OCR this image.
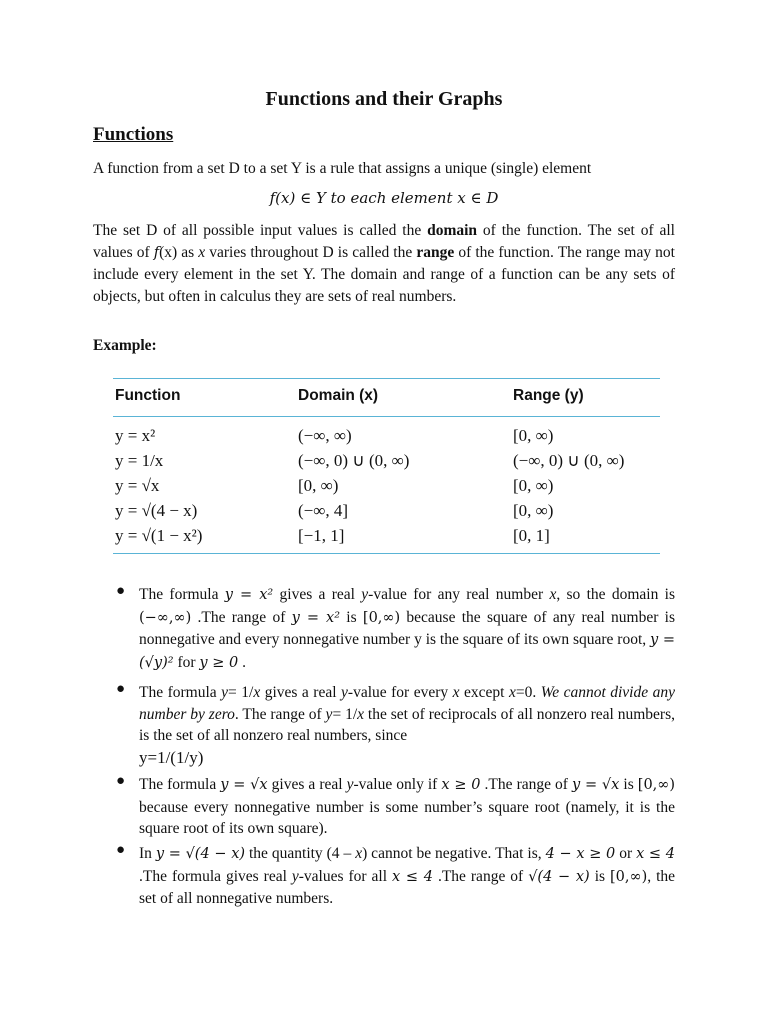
Functions and their Graphs
Functions
A function from a set D to a set Y is a rule that assigns a unique (single) element
f(x) ∈ Y to each element x ∈ D
The set D of all possible input values is called the domain of the function. The set of all values of f(x) as x varies throughout D is called the range of the function. The range may not include every element in the set Y. The domain and range of a function can be any sets of objects, but often in calculus they are sets of real numbers.
Example:
Function	Domain (x)	Range (y)
y = x²	(−∞, ∞)	[0, ∞)
y = 1/x	(−∞, 0) ∪ (0, ∞)	(−∞, 0) ∪ (0, ∞)
y = √x	[0, ∞)	[0, ∞)
y = √(4 − x)	(−∞, 4]	[0, ∞)
y = √(1 − x²)	[−1, 1]	[0, 1]
● The formula y = x² gives a real y-value for any real number x, so the domain is (−∞,∞) .The range of y = x² is [0,∞) because the square of any real number is nonnegative and every nonnegative number y is the square of its own square root, y = (√y)² for y ≥ 0 .
● The formula y= 1/x gives a real y-value for every x except x=0. We cannot divide any number by zero. The range of y= 1/x the set of reciprocals of all nonzero real numbers, is the set of all nonzero real numbers, since
y=1/(1/y)
● The formula y = √x gives a real y-value only if x ≥ 0 .The range of y = √x is [0,∞) because every nonnegative number is some number’s square root (namely, it is the square root of its own square).
● In y = √(4 − x) the quantity (4 – x) cannot be negative. That is, 4 − x ≥ 0 or x ≤ 4 .The formula gives real y-values for all x ≤ 4 .The range of √(4 − x) is [0,∞), the set of all nonnegative numbers.
